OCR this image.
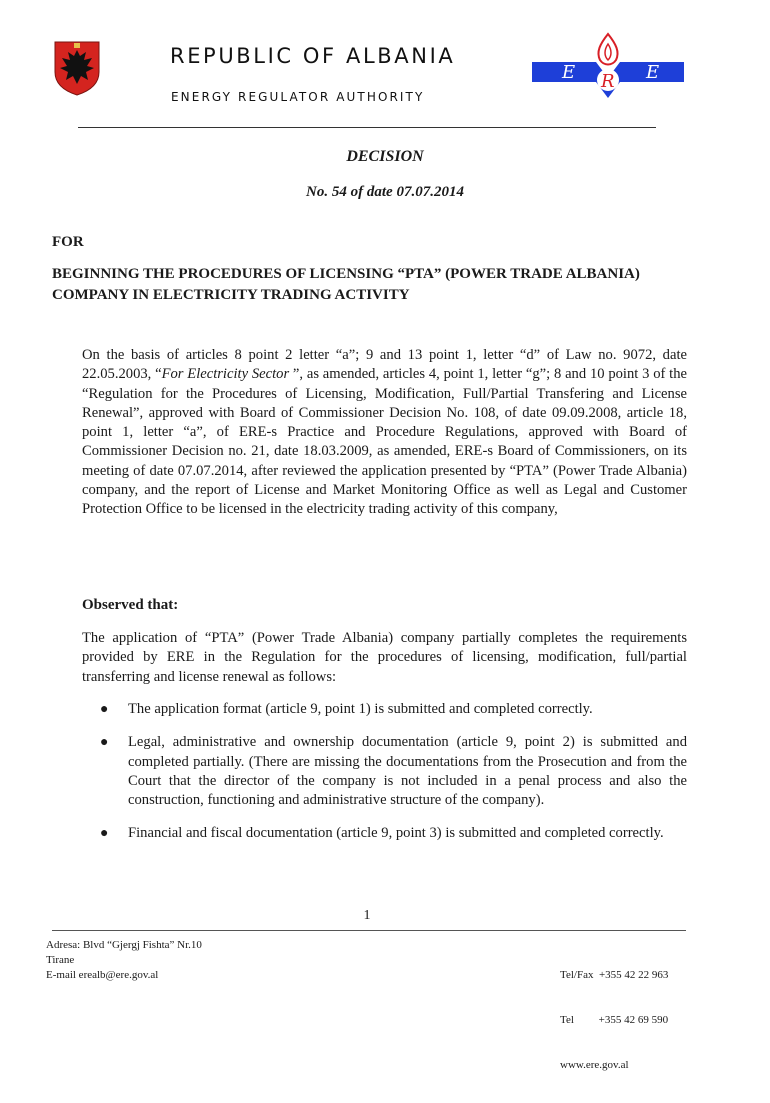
REPUBLIC OF ALBANIA
ENERGY REGULATOR AUTHORITY
E	E
R
DECISION
No. 54 of date 07.07.2014
FOR
BEGINNING THE PROCEDURES OF LICENSING “PTA” (POWER TRADE ALBANIA) COMPANY IN ELECTRICITY TRADING ACTIVITY
On the basis of articles 8 point 2 letter “a”; 9 and 13 point 1, letter “d” of Law no. 9072, date 22.05.2003, “For Electricity Sector ”, as amended, articles 4, point 1, letter “g”; 8 and 10 point 3 of the “Regulation for the Procedures of Licensing, Modification, Full/Partial Transfering and License Renewal”, approved with Board of Commissioner Decision No. 108, of date 09.09.2008, article 18, point 1, letter “a”, of ERE-s Practice and Procedure Regulations, approved with Board of Commissioner Decision no. 21, date 18.03.2009, as amended, ERE-s Board of Commissioners, on its meeting of date 07.07.2014, after reviewed the application presented by “PTA” (Power Trade Albania) company, and the report of License and Market Monitoring Office as well as Legal and Customer Protection Office to be licensed in the electricity trading activity of this company,
Observed that:
The application of “PTA” (Power Trade Albania) company partially completes the requirements provided by ERE in the Regulation for the procedures of licensing, modification, full/partial transferring and license renewal as follows:
● The application format (article 9, point 1) is submitted and completed correctly.
● Legal, administrative and ownership documentation (article 9, point 2) is submitted and completed partially. (There are missing the documentations from the Prosecution and from the Court that the director of the company is not included in a penal process and also the construction, functioning and administrative structure of the company).
● Financial and fiscal documentation (article 9, point 3) is submitted and completed correctly.
1
Adresa: Blvd “Gjergj Fishta” Nr.10
Tirane
E-mail erealb@ere.gov.al

	Tel/Fax  +355 42 22 963

Tel         +355 42 69 590

www.ere.gov.al
